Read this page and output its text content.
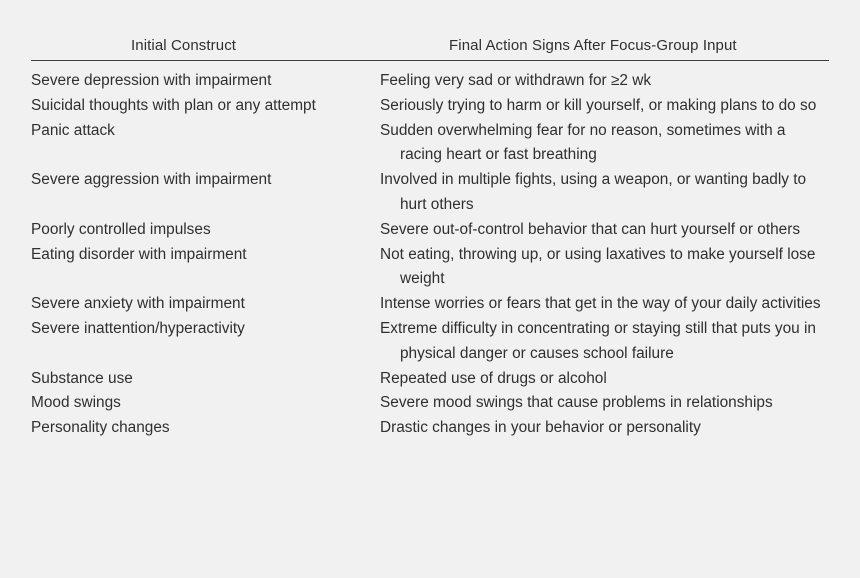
Initial Construct	Final Action Signs After Focus-Group Input
Severe depression with impairment	Feeling very sad or withdrawn for ≥2 wk
Suicidal thoughts with plan or any attempt	Seriously trying to harm or kill yourself, or making plans to do so
Panic attack	Sudden overwhelming fear for no reason, sometimes with a racing heart or fast breathing
Severe aggression with impairment	Involved in multiple fights, using a weapon, or wanting badly to hurt others
Poorly controlled impulses	Severe out-of-control behavior that can hurt yourself or others
Eating disorder with impairment	Not eating, throwing up, or using laxatives to make yourself lose weight
Severe anxiety with impairment	Intense worries or fears that get in the way of your daily activities
Severe inattention/hyperactivity	Extreme difficulty in concentrating or staying still that puts you in physical danger or causes school failure
Substance use	Repeated use of drugs or alcohol
Mood swings	Severe mood swings that cause problems in relationships
Personality changes	Drastic changes in your behavior or personality
